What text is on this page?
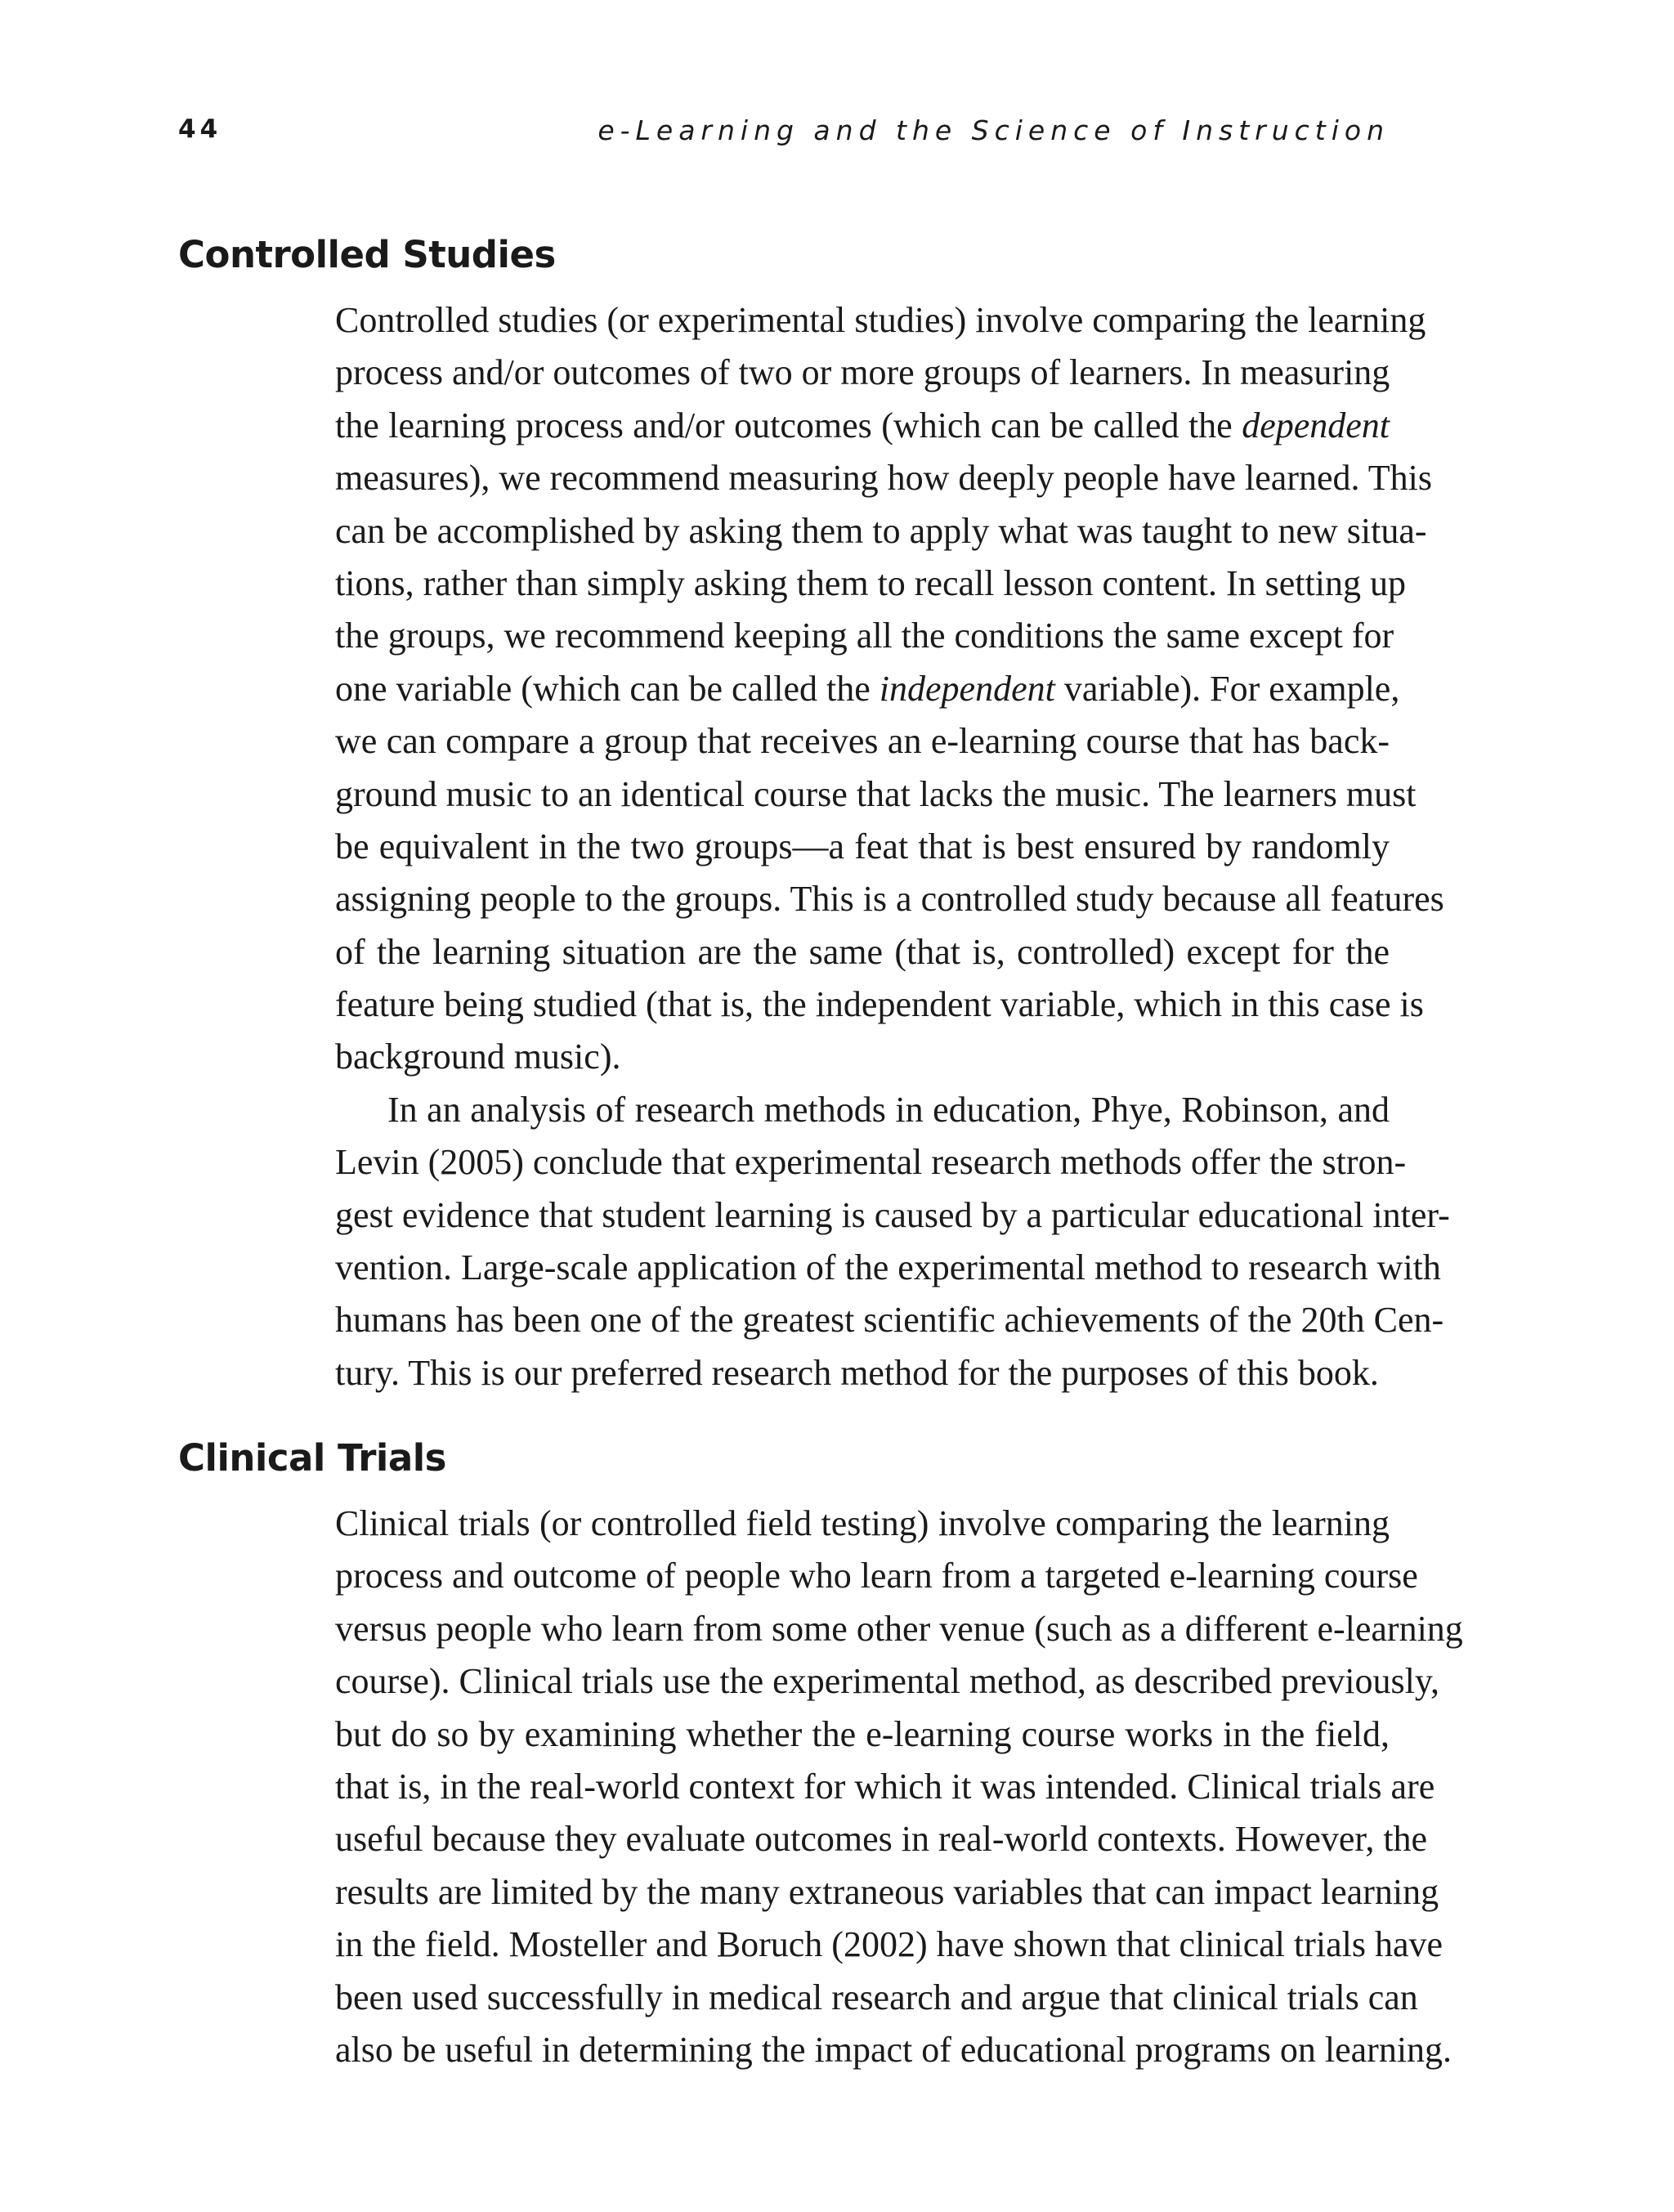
44	e-Learning and the Science of Instruction
Controlled Studies

Controlled studies (or experimental studies) involve comparing the learning
process and/or outcomes of two or more groups of learners. In measuring
the learning process and/or outcomes (which can be called the dependent
measures), we recommend measuring how deeply people have learned. This
can be accomplished by asking them to apply what was taught to new situa-
tions, rather than simply asking them to recall lesson content. In setting up
the groups, we recommend keeping all the conditions the same except for
one variable (which can be called the independent variable). For example,
we can compare a group that receives an e-learning course that has back-
ground music to an identical course that lacks the music. The learners must
be equivalent in the two groups—a feat that is best ensured by randomly
assigning people to the groups. This is a controlled study because all features
of the learning situation are the same (that is, controlled) except for the
feature being studied (that is, the independent variable, which in this case is
background music).

In an analysis of research methods in education, Phye, Robinson, and
Levin (2005) conclude that experimental research methods offer the stron-
gest evidence that student learning is caused by a particular educational inter-
vention. Large-scale application of the experimental method to research with
humans has been one of the greatest scientific achievements of the 20th Cen-
tury. This is our preferred research method for the purposes of this book.

Clinical Trials

Clinical trials (or controlled field testing) involve comparing the learning
process and outcome of people who learn from a targeted e-learning course
versus people who learn from some other venue (such as a different e-learning
course). Clinical trials use the experimental method, as described previously,
but do so by examining whether the e-learning course works in the field,
that is, in the real-world context for which it was intended. Clinical trials are
useful because they evaluate outcomes in real-world contexts. However, the
results are limited by the many extraneous variables that can impact learning
in the field. Mosteller and Boruch (2002) have shown that clinical trials have
been used successfully in medical research and argue that clinical trials can
also be useful in determining the impact of educational programs on learning.
